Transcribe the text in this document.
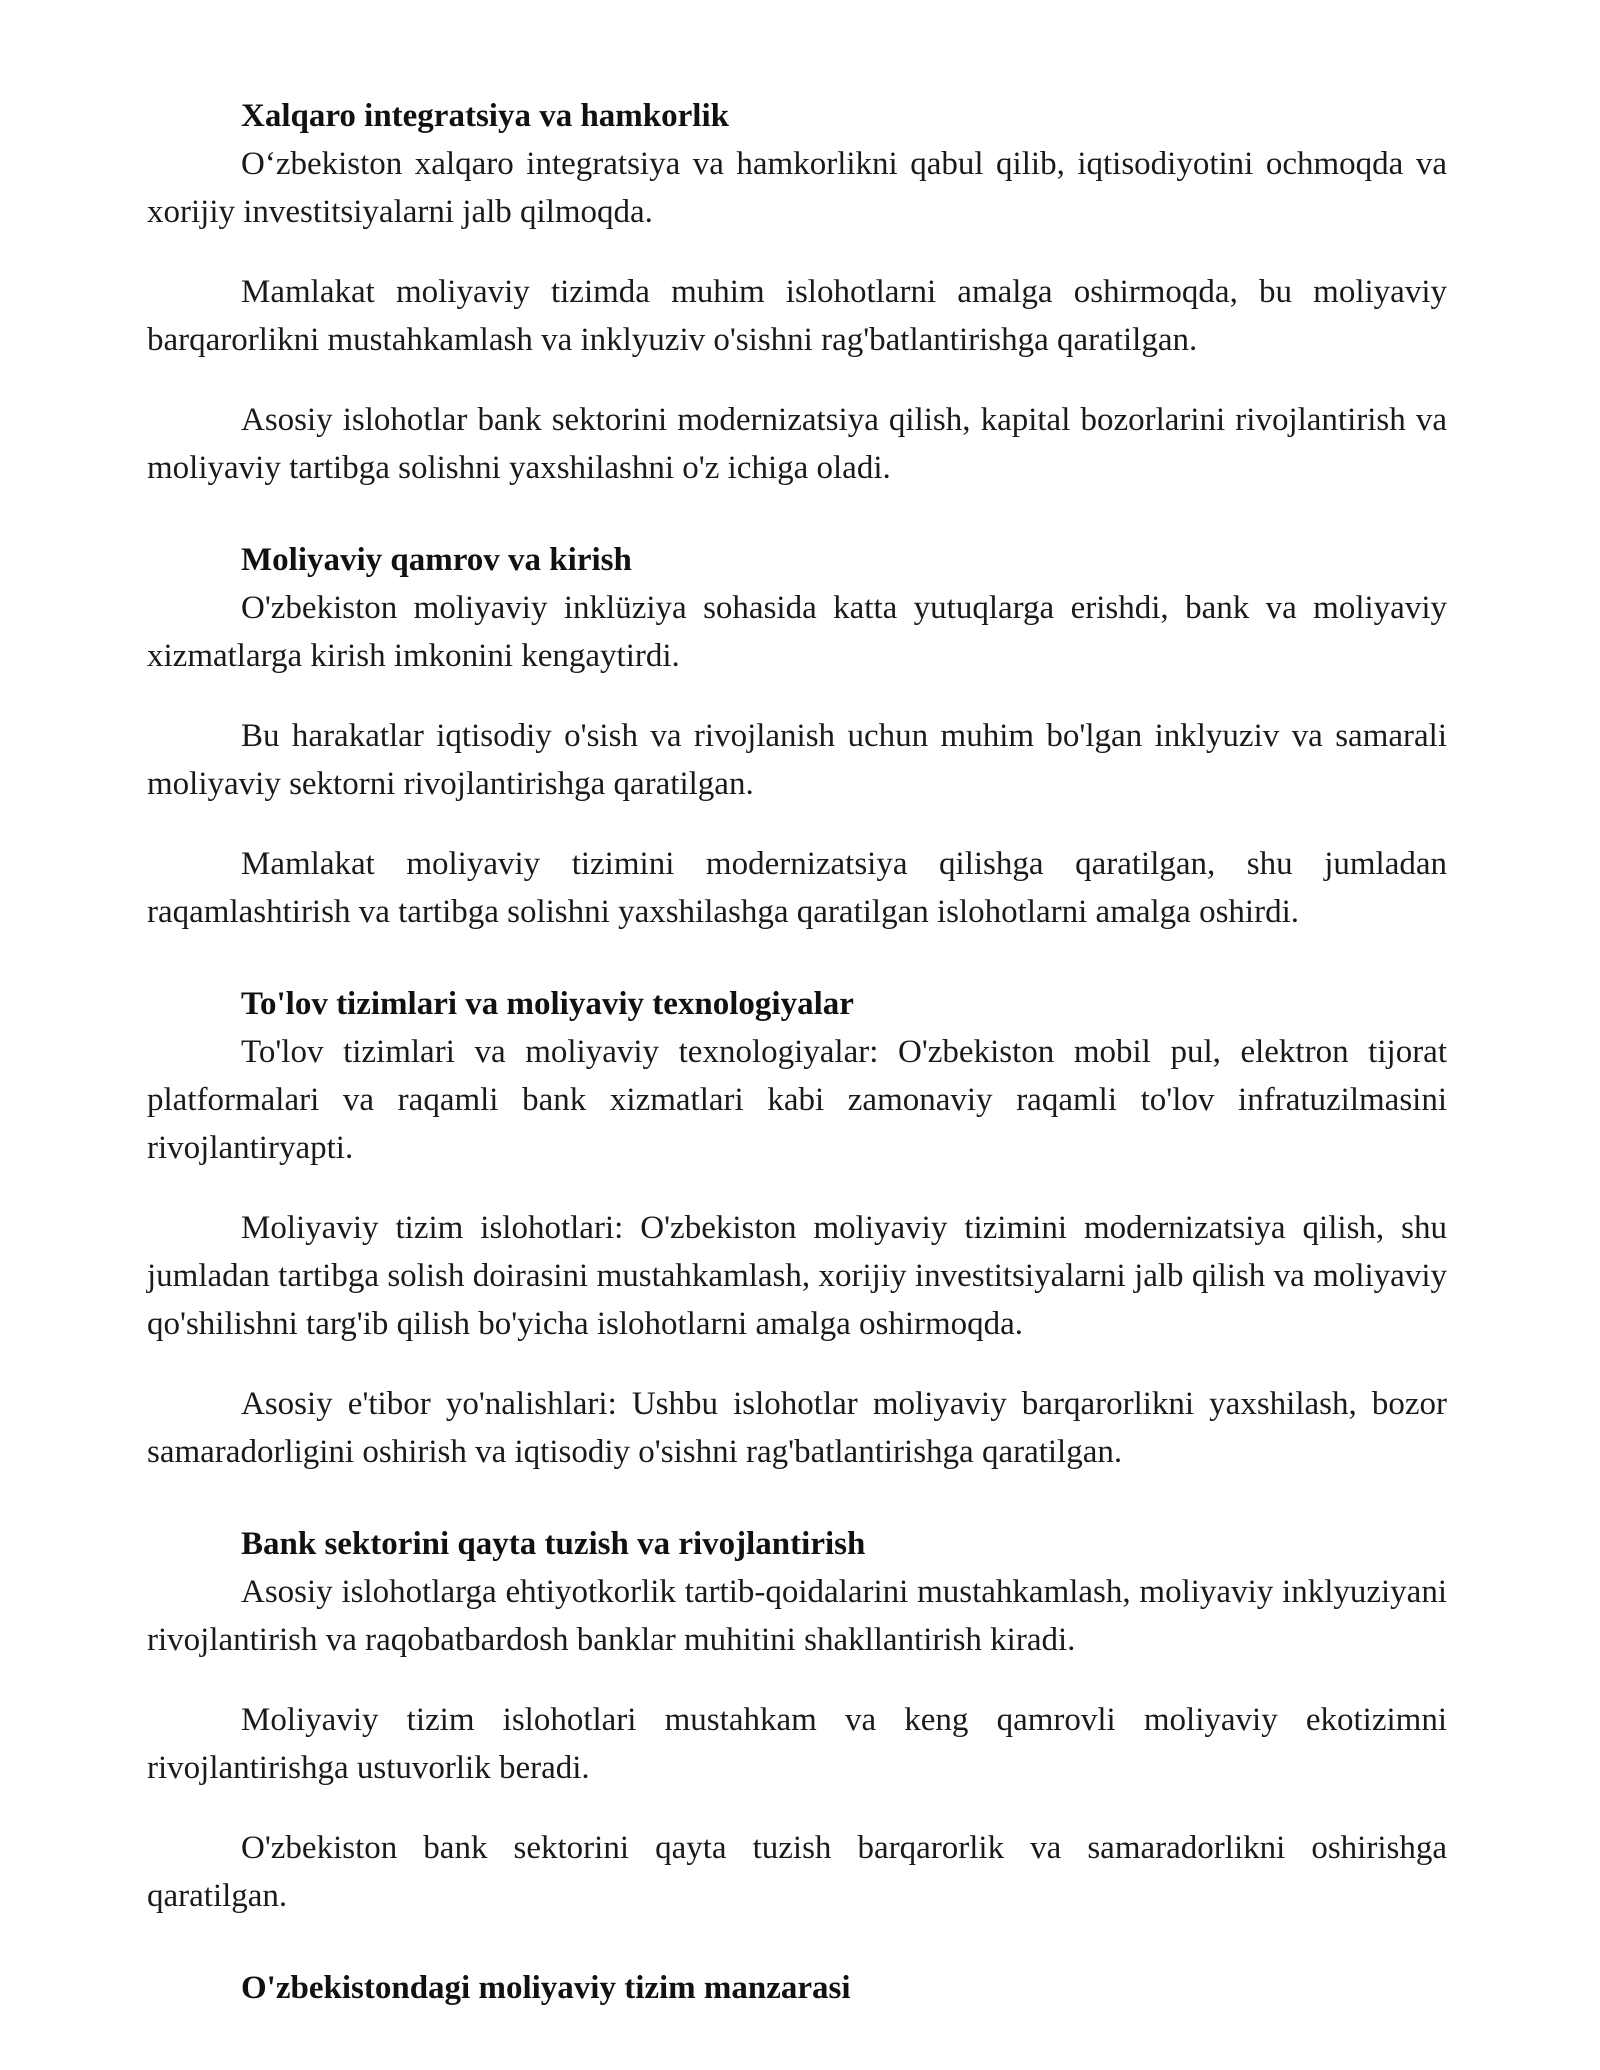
Xalqaro integratsiya va hamkorlik

O‘zbekiston xalqaro integratsiya va hamkorlikni qabul qilib, iqtisodiyotini ochmoqda va xorijiy investitsiyalarni jalb qilmoqda.

Mamlakat moliyaviy tizimda muhim islohotlarni amalga oshirmoqda, bu moliyaviy barqarorlikni mustahkamlash va inklyuziv o'sishni rag'batlantirishga qaratilgan.

Asosiy islohotlar bank sektorini modernizatsiya qilish, kapital bozorlarini rivojlantirish va moliyaviy tartibga solishni yaxshilashni o'z ichiga oladi.

Moliyaviy qamrov va kirish

O'zbekiston moliyaviy inklüziya sohasida katta yutuqlarga erishdi, bank va moliyaviy xizmatlarga kirish imkonini kengaytirdi.

Bu harakatlar iqtisodiy o'sish va rivojlanish uchun muhim bo'lgan inklyuziv va samarali moliyaviy sektorni rivojlantirishga qaratilgan.

Mamlakat moliyaviy tizimini modernizatsiya qilishga qaratilgan, shu jumladan raqamlashtirish va tartibga solishni yaxshilashga qaratilgan islohotlarni amalga oshirdi.

To'lov tizimlari va moliyaviy texnologiyalar

To'lov tizimlari va moliyaviy texnologiyalar: O'zbekiston mobil pul, elektron tijorat platformalari va raqamli bank xizmatlari kabi zamonaviy raqamli to'lov infratuzilmasini rivojlantiryapti.

Moliyaviy tizim islohotlari: O'zbekiston moliyaviy tizimini modernizatsiya qilish, shu jumladan tartibga solish doirasini mustahkamlash, xorijiy investitsiyalarni jalb qilish va moliyaviy qo'shilishni targ'ib qilish bo'yicha islohotlarni amalga oshirmoqda.

Asosiy e'tibor yo'nalishlari: Ushbu islohotlar moliyaviy barqarorlikni yaxshilash, bozor samaradorligini oshirish va iqtisodiy o'sishni rag'batlantirishga qaratilgan.

Bank sektorini qayta tuzish va rivojlantirish

Asosiy islohotlarga ehtiyotkorlik tartib-qoidalarini mustahkamlash, moliyaviy inklyuziyani rivojlantirish va raqobatbardosh banklar muhitini shakllantirish kiradi.

Moliyaviy tizim islohotlari mustahkam va keng qamrovli moliyaviy ekotizimni rivojlantirishga ustuvorlik beradi.

O'zbekiston bank sektorini qayta tuzish barqarorlik va samaradorlikni oshirishga qaratilgan.

O'zbekistondagi moliyaviy tizim manzarasi
